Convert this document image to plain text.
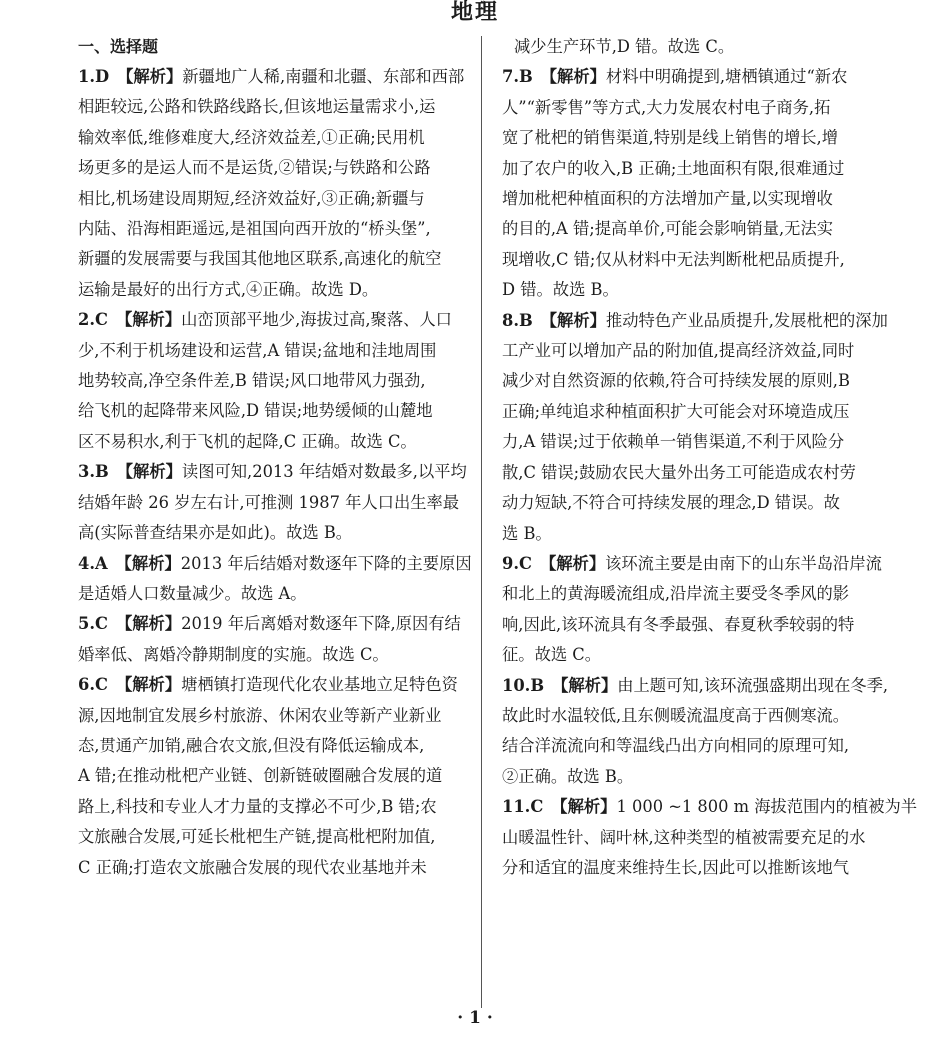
地理
一、选择题
1.D 【解析】新疆地广人稀,南疆和北疆、东部和西部
相距较远,公路和铁路线路长,但该地运量需求小,运
输效率低,维修难度大,经济效益差,①正确;民用机
场更多的是运人而不是运货,②错误;与铁路和公路
相比,机场建设周期短,经济效益好,③正确;新疆与
内陆、沿海相距遥远,是祖国向西开放的“桥头堡”,
新疆的发展需要与我国其他地区联系,高速化的航空
运输是最好的出行方式,④正确。故选 D。
2.C 【解析】山峦顶部平地少,海拔过高,聚落、人口
少,不利于机场建设和运营,A 错误;盆地和洼地周围
地势较高,净空条件差,B 错误;风口地带风力强劲,
给飞机的起降带来风险,D 错误;地势缓倾的山麓地
区不易积水,利于飞机的起降,C 正确。故选 C。
3.B 【解析】读图可知,2013 年结婚对数最多,以平均
结婚年龄 26 岁左右计,可推测 1987 年人口出生率最
高(实际普查结果亦是如此)。故选 B。
4.A 【解析】2013 年后结婚对数逐年下降的主要原因
是适婚人口数量减少。故选 A。
5.C 【解析】2019 年后离婚对数逐年下降,原因有结
婚率低、离婚冷静期制度的实施。故选 C。
6.C 【解析】塘栖镇打造现代化农业基地立足特色资
源,因地制宜发展乡村旅游、休闲农业等新产业新业
态,贯通产加销,融合农文旅,但没有降低运输成本,
A 错;在推动枇杷产业链、创新链破圈融合发展的道
路上,科技和专业人才力量的支撑必不可少,B 错;农
文旅融合发展,可延长枇杷生产链,提高枇杷附加值,
C 正确;打造农文旅融合发展的现代农业基地并未
减少生产环节,D 错。故选 C。
7.B 【解析】材料中明确提到,塘栖镇通过“新农
人”“新零售”等方式,大力发展农村电子商务,拓
宽了枇杷的销售渠道,特别是线上销售的增长,增
加了农户的收入,B 正确;土地面积有限,很难通过
增加枇杷种植面积的方法增加产量,以实现增收
的目的,A 错;提高单价,可能会影响销量,无法实
现增收,C 错;仅从材料中无法判断枇杷品质提升,
D 错。故选 B。
8.B 【解析】推动特色产业品质提升,发展枇杷的深加
工产业可以增加产品的附加值,提高经济效益,同时
减少对自然资源的依赖,符合可持续发展的原则,B
正确;单纯追求种植面积扩大可能会对环境造成压
力,A 错误;过于依赖单一销售渠道,不利于风险分
散,C 错误;鼓励农民大量外出务工可能造成农村劳
动力短缺,不符合可持续发展的理念,D 错误。故
选 B。
9.C 【解析】该环流主要是由南下的山东半岛沿岸流
和北上的黄海暖流组成,沿岸流主要受冬季风的影
响,因此,该环流具有冬季最强、春夏秋季较弱的特
征。故选 C。
10.B 【解析】由上题可知,该环流强盛期出现在冬季,
故此时水温较低,且东侧暖流温度高于西侧寒流。
结合洋流流向和等温线凸出方向相同的原理可知,
②正确。故选 B。
11.C 【解析】1 000 ~1 800 m 海拔范围内的植被为半
山暖温性针、阔叶林,这种类型的植被需要充足的水
分和适宜的温度来维持生长,因此可以推断该地气
· 1 ·
